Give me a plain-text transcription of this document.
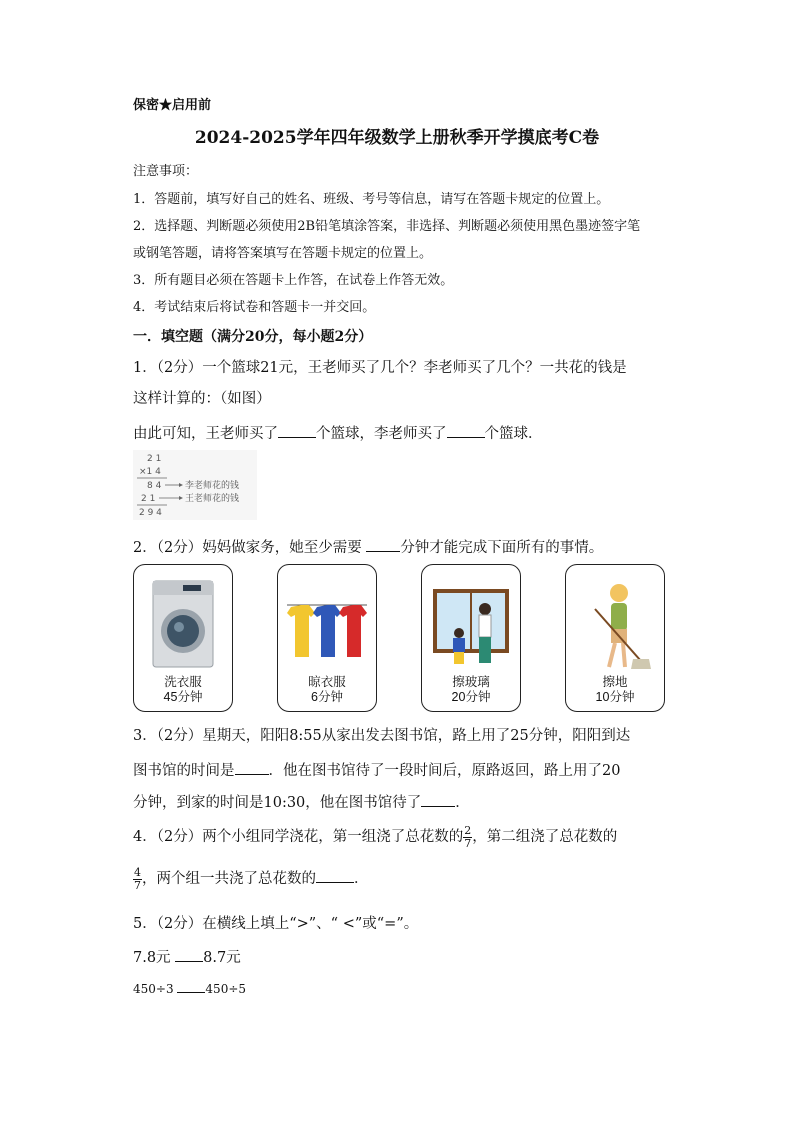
保密★启用前
2024-2025学年四年级数学上册秋季开学摸底考C卷
注意事项：
1．答题前，填写好自己的姓名、班级、考号等信息，请写在答题卡规定的位置上。
2．选择题、判断题必须使用2B铅笔填涂答案，非选择、判断题必须使用黑色墨迹签字笔
或钢笔答题，请将答案填写在答题卡规定的位置上。
3．所有题目必须在答题卡上作答，在试卷上作答无效。
4．考试结束后将试卷和答题卡一并交回。
一．填空题（满分20分，每小题2分）
1．（2分）一个篮球21元，王老师买了几个？李老师买了几个？一共花的钱是
这样计算的：（如图）
由此可知，王老师买了	个篮球，李老师买了	个篮球．
2 1
×1 4
8 4
2 1
2 9 4
李老师花的钱
王老师花的钱
2．（2分）妈妈做家务，她至少需要	分钟才能完成下面所有的事情。
洗衣服
45分钟
晾衣服
6分钟
擦玻璃
20分钟
擦地
10分钟
3．（2分）星期天，阳阳8:55从家出发去图书馆，路上用了25分钟，阳阳到达
图书馆的时间是 ．他在图书馆待了一段时间后，原路返回，路上用了20
分钟，到家的时间是10:30，他在图书馆待了 ．
4．（2分）两个小组同学浇花，第一组浇了总花数的 $\frac{2}{7}$ ，第二组浇了总花数的
$\frac{4}{7}$ ，两个组一共浇了总花数的	．
5．（2分）在横线上填上“>”、“ <”或“=”。
7.8元 8.7元
450÷3	450÷5
